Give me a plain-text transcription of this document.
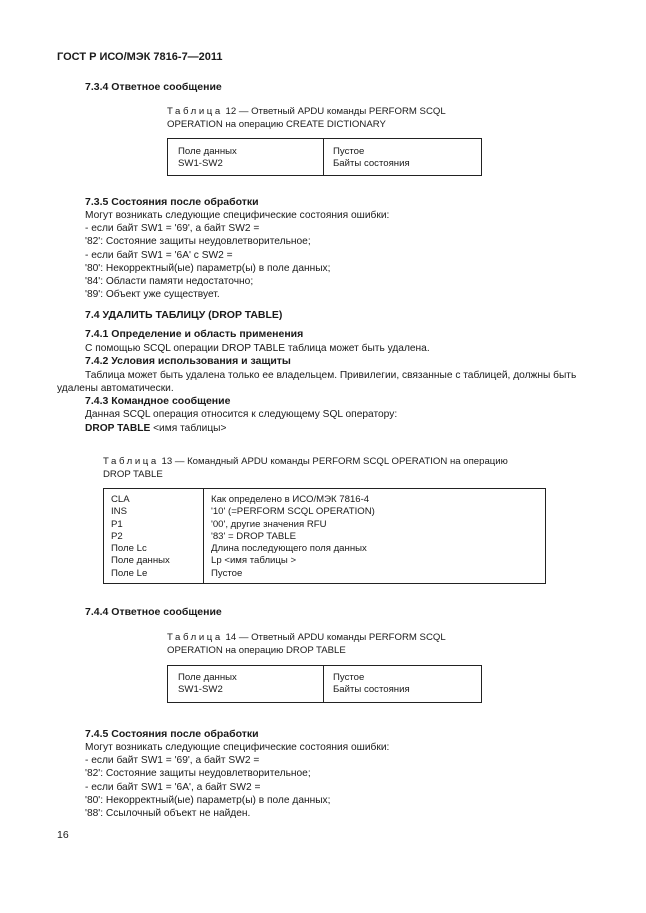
ГОСТ Р ИСО/МЭК 7816-7—2011
7.3.4 Ответное сообщение
Таблица 12 — Ответный APDU команды PERFORM SCQL
OPERATION на операцию CREATE DICTIONARY
Поле данных
SW1-SW2
Пустое
Байты состояния
7.3.5 Состояния после обработки
Могут возникать следующие специфические состояния ошибки:
- если байт SW1 = '69', а байт SW2 =
'82': Состояние защиты неудовлетворительное;
- если байт SW1 = '6А' с SW2 =
'80': Некорректный(ые) параметр(ы) в поле данных;
'84': Области памяти недостаточно;
'89': Объект уже существует.
7.4 УДАЛИТЬ ТАБЛИЦУ (DROP TABLE)
7.4.1 Определение и область применения
С помощью SCQL операции DROP TABLE таблица может быть удалена.
7.4.2 Условия использования и защиты
Таблица может быть удалена только ее владельцем. Привилегии, связанные с таблицей, должны быть
удалены автоматически.
7.4.3 Командное сообщение
Данная SCQL операция относится к следующему SQL оператору:
DROP TABLE <имя таблицы>
Таблица 13 — Командный APDU команды PERFORM SCQL OPERATION на операцию
DROP TABLE
CLA
INS
P1
P2
Поле Lc
Поле данных
Поле Le
Как определено в ИСО/МЭК 7816-4
'10' (=PERFORM SCQL OPERATION)
'00', другие значения RFU
'83' = DROP TABLE
Длина последующего поля данных
Lp <имя таблицы >
Пустое
7.4.4 Ответное сообщение
Таблица 14 — Ответный APDU команды PERFORM SCQL
OPERATION на операцию DROP TABLE
Поле данных
SW1-SW2
Пустое
Байты состояния
7.4.5 Состояния после обработки
Могут возникать следующие специфические состояния ошибки:
- если байт SW1 = '69', а байт SW2 =
'82': Состояние защиты неудовлетворительное;
- если байт SW1 = '6А', а байт SW2 =
'80': Некорректный(ые) параметр(ы) в поле данных;
'88': Ссылочный объект не найден.
16
